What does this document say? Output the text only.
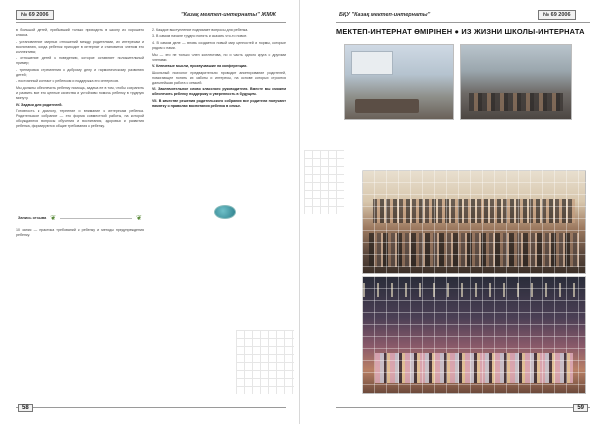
№ 69 2006	"Казақ мектеп-интернаты" ЖМЖ

в большой детей, прибывший только приходить в школу из хорошего класса.

- установление мирных отношений между родителями, их интересам и воспитанию, когда ребенок приходит в интернат и становится членом его коллектива;

- отношение детей к поведению, которое оставляет положительный пример;

- тренировка стремления к доброму делу и гармоническому развитию детей;

- постоянный контакт с ребенком и поддержка его интересов.

Мы должны обеспечить ребенку помощь, задача ее в том, чтобы сохранить и развить все его ценные качества и устойчиво помочь ребенку в трудную минуту.

IV. Задачи для родителей.

Готовность к диалогу, терпение и внимание к интересам ребенка. Родительское собрание — это форма совместной работы, на которой обсуждаются вопросы обучения и воспитания, здоровья и развития ребенка, формируются общие требования к ребенку.

Запись отзыва ❦	❦

10 запис — практика требований к ребенку и методы предупреждения ребенку.

2. Каждое выступление поднимает вопросы для ребенка.

3. В самом начале трудно понять и сказать что-то новое.

4. В самом деле — вновь создается новый мир ценностей и нормы, которые рядом с нами.

Мы — это не только член коллектива, но и часть одного круга с другими членами.

V. Ключевые мысли, прозвучавшие на конференции.

Школьный психолог предварительно проводит анкетирование родителей, помогающее понять их заботы и интересы, на основе которых строится дальнейшая работа с семьей.

VI. Заключительное слово классного руководителя. Вместе мы сможем обеспечить ребенку поддержку и уверенность в будущем.

VII. В качестве решения родительского собрания все родители получают памятку о правилах воспитания ребенка в семье.

58
БҚУ "Казақ мектеп-интернаты"	№ 69 2006
МЕКТЕП-ИНТЕРНАТ ӨМІРІНЕН ● ИЗ ЖИЗНИ ШКОЛЫ-ИНТЕРНАТА
59
